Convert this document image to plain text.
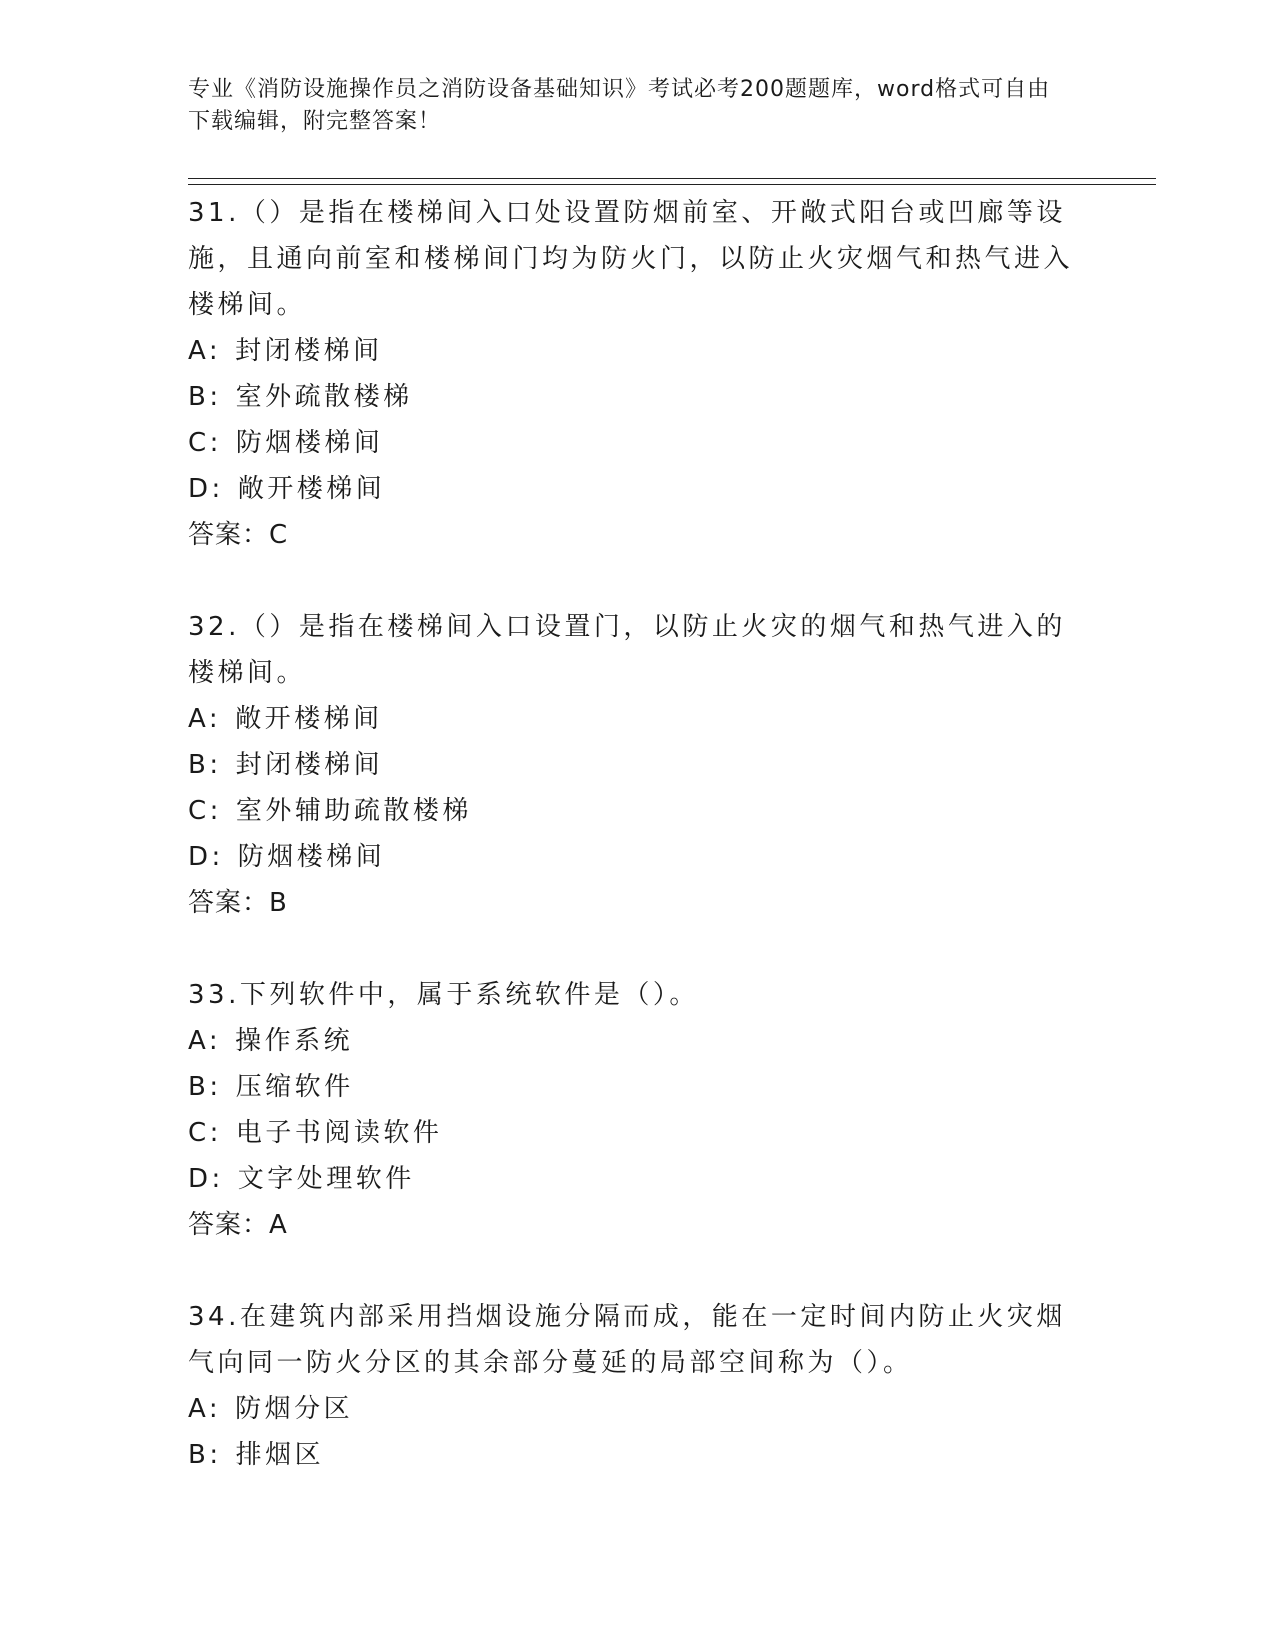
专业《消防设施操作员之消防设备基础知识》考试必考200题题库，word格式可自由下载编辑，附完整答案！

31.（）是指在楼梯间入口处设置防烟前室、开敞式阳台或凹廊等设施，且通向前室和楼梯间门均为防火门，以防止火灾烟气和热气进入楼梯间。

A: 封闭楼梯间
B: 室外疏散楼梯
C: 防烟楼梯间
D: 敞开楼梯间
答案：C

32.（）是指在楼梯间入口设置门，以防止火灾的烟气和热气进入的楼梯间。

A: 敞开楼梯间
B: 封闭楼梯间
C: 室外辅助疏散楼梯
D: 防烟楼梯间
答案：B

33.下列软件中，属于系统软件是（）。

A: 操作系统
B: 压缩软件
C: 电子书阅读软件
D: 文字处理软件
答案：A

34.在建筑内部采用挡烟设施分隔而成，能在一定时间内防止火灾烟气向同一防火分区的其余部分蔓延的局部空间称为（）。

A: 防烟分区
B: 排烟区
